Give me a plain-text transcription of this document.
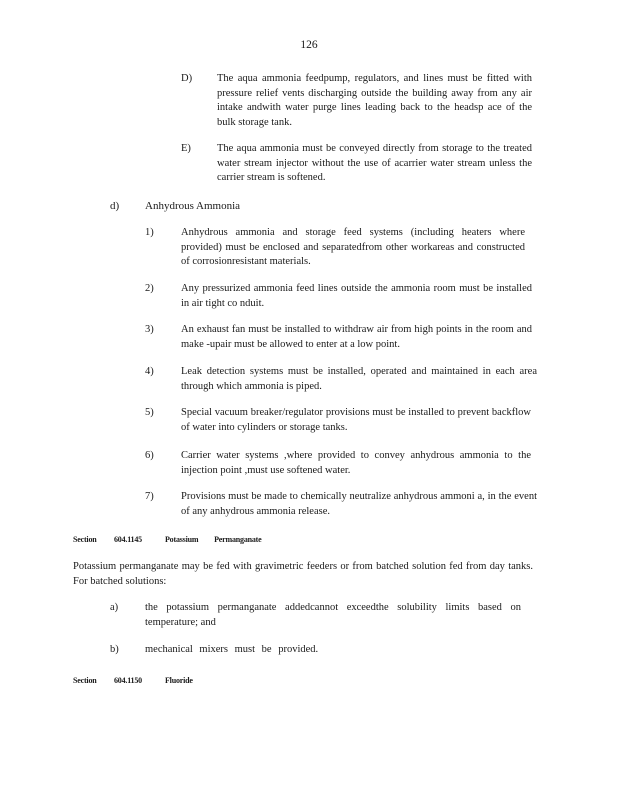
126
D)	The aqua ammonia feedpump, regulators, and lines must be fitted with pressure relief vents discharging outside the building away from any air intake andwith water purge lines leading back to the headsp ace of the bulk storage tank.
E)	The aqua ammonia must be conveyed directly from storage to the treated water stream injector without the use of acarrier water stream unless the carrier stream is softened.
d)	Anhydrous Ammonia
1)	Anhydrous ammonia and storage feed systems (including heaters where provided) must be enclosed and separatedfrom other workareas and constructed of corrosionresistant materials.
2)	Any pressurized ammonia feed lines outside the ammonia room must be installed in air tight co nduit.
3)	An exhaust fan must be installed to withdraw air from high points in the room and make -upair must be allowed to enter at a low point.
4)	Leak detection systems must be installed, operated and maintained in each area through which ammonia is piped.
5)	Special vacuum breaker/regulator provisions must be installed to prevent backflow of water into cylinders or storage tanks.
6)	Carrier water systems ,where provided to convey anhydrous ammonia to the injection point ,must use softened water.
7)	Provisions must be made to chemically neutralize anhydrous ammoni a, in the event of any anhydrous ammonia release.
Section 604.1145	Potassium Permanganate
Potassium permanganate may be fed with gravimetric feeders or from batched solution fed from day tanks. For batched solutions:
a)	the potassium permanganate addedcannot exceedthe solubility limits based on temperature; and
b)	mechanical mixers must be provided.
Section 604.1150	Fluoride
